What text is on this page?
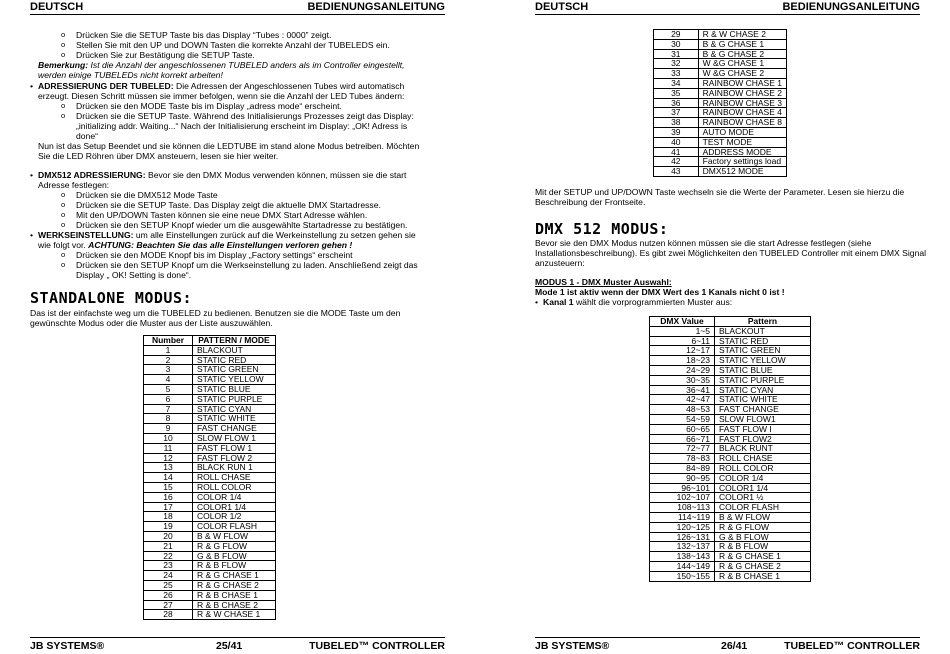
DEUTSCH	BEDIENUNGSANLEITUNG
o Drücken Sie die SETUP Taste bis das Display “Tubes : 0000” zeigt.
o Stellen Sie mit den UP und DOWN Tasten die korrekte Anzahl der TUBELEDS ein.
o Drücken Sie zur Bestätigung die SETUP Taste.
Bemerkung: Ist die Anzahl der angeschlossenen TUBELED anders als im Controller eingestellt,
werden einige TUBELEDs nicht korrekt arbeiten!
• ADRESSIERUNG DER TUBELED: Die Adressen der Angeschlossenen Tubes wird automatisch
erzeugt. Diesen Schritt müssen sie immer befolgen, wenn sie die Anzahl der LED Tubes ändern:
o Drücken sie den MODE Taste bis im Display „adress mode“ erscheint.
o Drücken sie die SETUP Taste. Während des Initialisierungs Prozesses zeigt das Display:
„initializing addr. Waiting...“ Nach der Initialisierung erscheint im Display: „OK! Adress is
done“
Nun ist das Setup Beendet und sie können die LEDTUBE im stand alone Modus betreiben. Möchten
Sie die LED Röhren über DMX ansteuern, lesen sie hier weiter.
• DMX512 ADRESSIERUNG: Bevor sie den DMX Modus verwenden können, müssen sie die start
Adresse festlegen:
o Drücken sie die DMX512 Mode Taste
o Drücken sie die SETUP Taste. Das Display zeigt die aktuelle DMX Startadresse.
o Mit den UP/DOWN Tasten können sie eine neue DMX Start Adresse wählen.
o Drücken sie den SETUP Knopf wieder um die ausgewählte Startadresse zu bestätigen.
• WERKSEINSTELLUNG: um alle Einstellungen zurück auf die Werkeinstellung zu setzen gehen sie
wie folgt vor. ACHTUNG: Beachten Sie das alle Einstellungen verloren gehen !
o Drücken sie den MODE Knopf bis im Display „Factory settings“ erscheint
o Drücken sie den SETUP Knopf um die Werkseinstellung zu laden. Anschließend zeigt das
Display „ OK! Setting is done“.
STANDALONE MODUS:
Das ist der einfachste weg um die TUBELED zu bedienen. Benutzen sie die MODE Taste um den
gewünschte Modus oder die Muster aus der Liste auszuwählen.
Number	PATTERN / MODE
1	BLACKOUT
2	STATIC RED
3	STATIC GREEN
4	STATIC YELLOW
5	STATIC BLUE
6	STATIC PURPLE
7	STATIC CYAN
8	STATIC WHITE
9	FAST CHANGE
10	SLOW FLOW 1
11	FAST FLOW 1
12	FAST FLOW 2
13	BLACK RUN 1
14	ROLL CHASE
15	ROLL COLOR
16	COLOR 1/4
17	COLOR1 1/4
18	COLOR 1/2
19	COLOR FLASH
20	B & W FLOW
21	R & G FLOW
22	G & B FLOW
23	R & B FLOW
24	R & G CHASE 1
25	R & G CHASE 2
26	R & B CHASE 1
27	R & B CHASE 2
28	R & W CHASE 1
JB SYSTEMS®	25/41	TUBELED™ CONTROLLER
DEUTSCH	BEDIENUNGSANLEITUNG
29	R & W CHASE 2
30	B & G CHASE 1
31	B & G CHASE 2
32	W &G CHASE 1
33	W &G CHASE 2
34	RAINBOW CHASE 1
35	RAINBOW CHASE 2
36	RAINBOW CHASE 3
37	RAINBOW CHASE 4
38	RAINBOW CHASE 8
39	AUTO MODE
40	TEST MODE
41	ADDRESS MODE
42	Factory settings load
43	DMX512 MODE
Mit der SETUP und UP/DOWN Taste wechseln sie die Werte der Parameter. Lesen sie hierzu die
Beschreibung der Frontseite.
DMX 512 MODUS:
Bevor sie den DMX Modus nutzen können müssen sie die start Adresse festlegen (siehe
Installationsbeschreibung). Es gibt zwei Möglichkeiten den TUBELED Controller mit einem DMX Signal
anzusteuern:
MODUS 1 - DMX Muster Auswahl:
Mode 1 ist aktiv wenn der DMX Wert des 1 Kanals nicht 0 ist !
• Kanal 1 wählt die vorprogrammierten Muster aus:
DMX Value	Pattern
1~5	BLACKOUT
6~11	STATIC RED
12~17	STATIC GREEN
18~23	STATIC YELLOW
24~29	STATIC BLUE
30~35	STATIC PURPLE
36~41	STATIC CYAN
42~47	STATIC WHITE
48~53	FAST CHANGE
54~59	SLOW FLOW1
60~65	FAST FLOW I
66~71	FAST FLOW2
72~77	BLACK RUNT
78~83	ROLL CHASE
84~89	ROLL COLOR
90~95	COLOR 1/4
96~101	COLOR1 1/4
102~107	COLOR1 ½
108~113	COLOR FLASH
114~119	B & W FLOW
120~125	R & G FLOW
126~131	G & B FLOW
132~137	R & B FLOW
138~143	R & G CHASE 1
144~149	R & G CHASE 2
150~155	R & B CHASE 1
JB SYSTEMS®	26/41	TUBELED™ CONTROLLER
